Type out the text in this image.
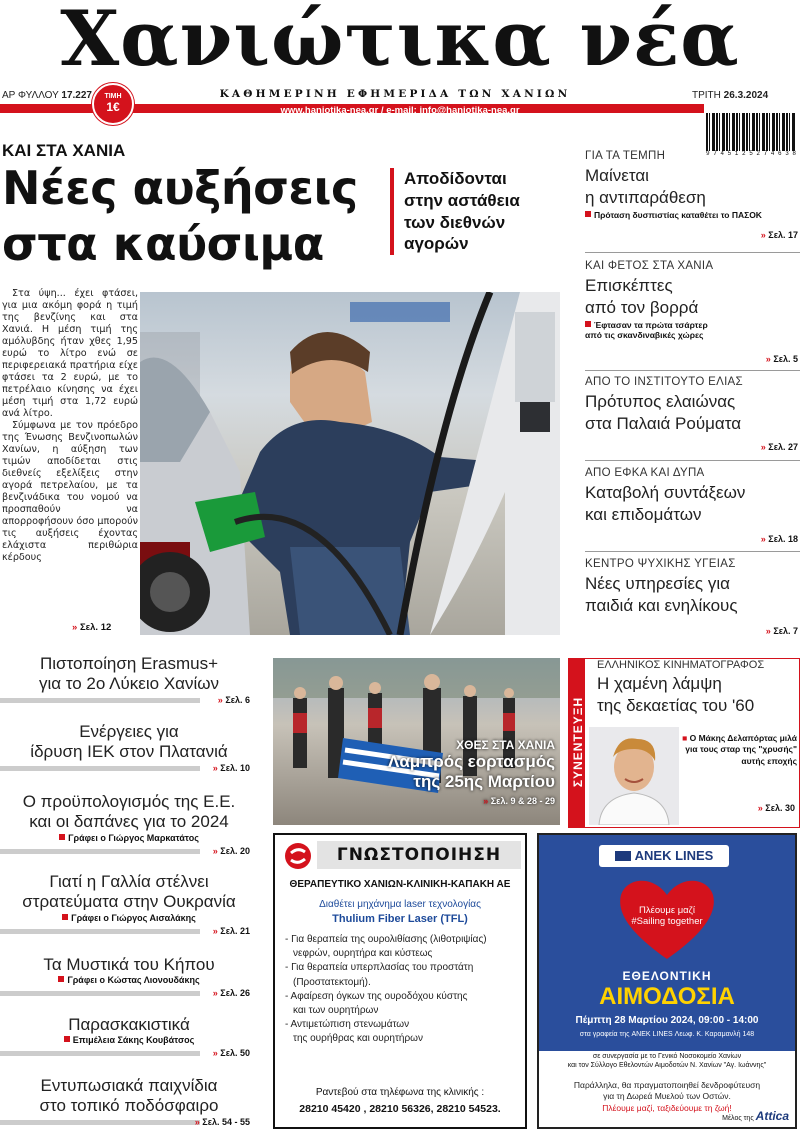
Χανιώτικα νέα
ΑΡ ΦΥΛΛΟΥ 17.227	ΚΑΘΗΜΕΡΙΝΗ ΕΦΗΜΕΡΙΔΑ ΤΩΝ ΧΑΝΙΩΝ	ΤΡΙΤΗ 26.3.2024
www.haniotika-nea.gr / e-mail: info@haniotika-nea.gr
ΤΙΜΗ
1€
9 7 4 5 1 2 5 2 7 4 6 3 8
ΚΑΙ ΣΤΑ ΧΑΝΙΑ
Νέες αυξήσεις
στα καύσιμα
Αποδίδονται
στην αστάθεια
των διεθνών
αγορών

Στα ύψη... έχει φτάσει, για μια ακόμη φορά η τιμή της βενζίνης και στα Χανιά. Η μέση τιμή της αμόλυβδης ήταν χθες 1,95 ευρώ το λίτρο ενώ σε περιφερειακά πρατήρια είχε φτάσει τα 2 ευρώ, με το πετρέλαιο κίνησης να έχει μέση τιμή στα 1,72 ευρώ ανά λίτρο.

Σύμφωνα με τον πρόεδρο της Ένωσης Βενζινοπωλών Χανίων, η αύξηση των τιμών αποδίδεται στις διεθνείς εξελίξεις στην αγορά πετρελαίου, με τα βενζινάδικα του νομού να προσπαθούν να απορροφήσουν όσο μπορούν τις αυξήσεις έχοντας ελάχιστα περιθώρια κέρδους

» Σελ. 12
ΓΙΑ ΤΑ ΤΕΜΠΗ
Μαίνεται
η αντιπαράθεση
Πρόταση δυσπιστίας καταθέτει το ΠΑΣΟΚ
» Σελ. 17
ΚΑΙ ΦΕΤΟΣ ΣΤΑ ΧΑΝΙΑ
Επισκέπτες
από τον βορρά
Έφτασαν τα πρώτα τσάρτερ
από τις σκανδιναβικές χώρες
» Σελ. 5
ΑΠΟ ΤΟ ΙΝΣΤΙΤΟΥΤΟ ΕΛΙΑΣ
Πρότυπος ελαιώνας
στα Παλαιά Ρούματα
» Σελ. 27
ΑΠΟ ΕΦΚΑ ΚΑΙ ΔΥΠΑ
Καταβολή συντάξεων
και επιδομάτων
» Σελ. 18
ΚΕΝΤΡΟ ΨΥΧΙΚΗΣ ΥΓΕΙΑΣ
Νέες υπηρεσίες για
παιδιά και ενηλίκους
» Σελ. 7
Πιστοποίηση Erasmus+
για το 2ο Λύκειο Χανίων
» Σελ. 6
Ενέργειες για
ίδρυση ΙΕΚ στον Πλατανιά
» Σελ. 10
Ο προϋπολογισμός της Ε.Ε.
και οι δαπάνες για το 2024
Γράφει ο Γιώργος Μαρκατάτος
» Σελ. 20
Γιατί η Γαλλία στέλνει
στρατεύματα στην Ουκρανία
Γράφει ο Γιώργος Αισαλάκης
» Σελ. 21
Τα Μυστικά του Κήπου
Γράφει ο Κώστας Λιονουδάκης
» Σελ. 26
Παρασκακιστικά
Επιμέλεια Σάκης Κουβάτσος
» Σελ. 50
Εντυπωσιακά παιχνίδια
στο τοπικό ποδόσφαιρο
» Σελ. 54 - 55
ΧΘΕΣ ΣΤΑ ΧΑΝΙΑ
Λαμπρός εορτασμός
της 25ης Μαρτίου
» Σελ. 9 & 28 - 29
ΣΥΝΕΝΤΕΥΞΗ
ΕΛΛΗΝΙΚΟΣ ΚΙΝΗΜΑΤΟΓΡΑΦΟΣ
Η χαμένη λάμψη
της δεκαετίας του '60
■ Ο Μάκης Δελαπόρτας μιλά
για τους σταρ της "χρυσής"
αυτής εποχής
» Σελ. 30
ΓΝΩΣΤΟΠΟΙΗΣΗ
ΘΕΡΑΠΕΥΤΙΚΟ ΧΑΝΙΩΝ-ΚΛΙΝΙΚΗ-ΚΑΠΑΚΗ ΑΕ
Διαθέτει μηχάνημα laser τεχνολογίας
Thulium Fiber Laser (TFL)
- Για θεραπεία της ουρολιθίασης (λιθοτριψίας)
νεφρών, ουρητήρα και κύστεως
- Για θεραπεία υπερπλασίας του προστάτη
(Προστατεκτομή).
- Αφαίρεση όγκων της ουροδόχου κύστης
και των ουρητήρων
- Αντιμετώπιση στενωμάτων
της ουρήθρας και ουρητήρων
Ραντεβού στα τηλέφωνα της κλινικής :
28210 45420 , 28210 56326, 28210 54523.
ANEK LINES
Πλέουμε μαζί
#Sailing together
ΕΘΕΛΟΝΤΙΚΗ
ΑΙΜΟΔΟΣΙΑ
Πέμπτη 28 Μαρτίου 2024, 09:00 - 14:00
στα γραφεία της ANEK LINES Λεωφ. Κ. Καραμανλή 148
σε συνεργασία με το Γενικό Νοσοκομείο Χανίων
και τον Σύλλογο Εθελοντών Αιμοδοτών Ν. Χανίων "Αγ. Ιωάννης"
Παράλληλα, θα πραγματοποιηθεί δενδροφύτευση
για τη Δωρεά Μυελού των Οστών.
Πλέουμε μαζί, ταξιδεύουμε τη ζωή!
Μέλος της Attica
